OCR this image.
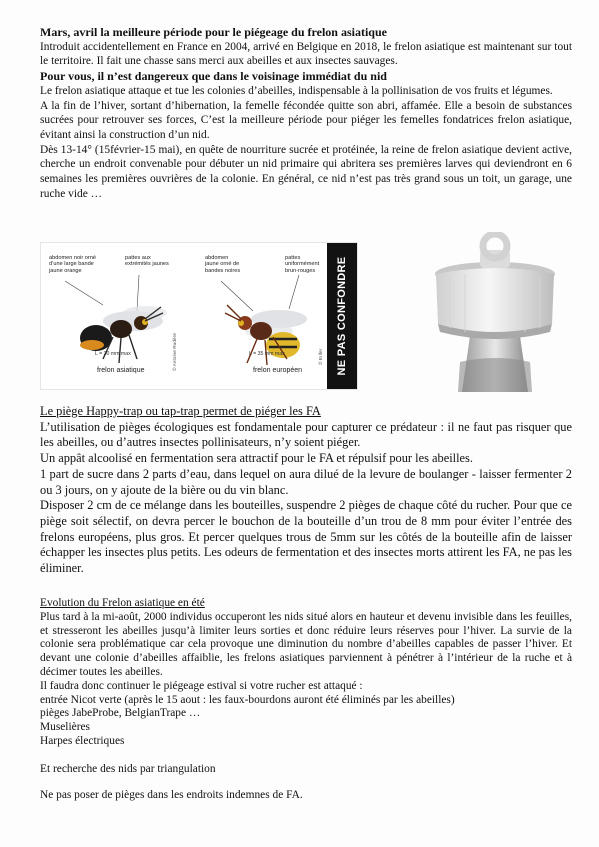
Mars, avril la meilleure période pour le piégeage du frelon asiatique

Introduit accidentellement en France en 2004, arrivé en Belgique en 2018, le frelon asiatique est maintenant sur tout le territoire. Il fait une chasse sans merci aux abeilles et aux insectes sauvages.

Pour vous, il n’est dangereux que dans le voisinage immédiat du nid

Le frelon asiatique attaque et tue les colonies d’abeilles, indispensable à la pollinisation de vos fruits et légumes.

A la fin de l’hiver, sortant d’hibernation, la femelle fécondée quitte son abri, affamée. Elle a besoin de substances sucrées pour retrouver ses forces, C’est la meilleure période pour piéger les femelles fondatrices frelon asiatique, évitant ainsi la construction d’un nid.

Dès 13-14° (15février-15 mai), en quête de nourriture sucrée et protéinée, la reine de frelon asiatique devient active, cherche un endroit convenable pour débuter un nid primaire qui abritera ses premières larves qui deviendront en 6 semaines les premières ouvrières de la colonie. En général, ce nid n’est pas très grand sous un toit, un garage, une ruche vide …

abdomen noir orné d’une large bande jaune orange
pattes aux extrémités jaunes
abdomen jaune orné de bandes noires
pattes uniformément brun-rouges
L = 30 mm max
frelon asiatique	© Antoine Rudère	L = 35 mm max
frelon européen
© Erifer NE PAS CONFONDRE

Le piège Happy-trap ou tap-trap permet de piéger les FA

L’utilisation de pièges écologiques est fondamentale pour capturer ce prédateur : il ne faut pas risquer que les abeilles, ou d’autres insectes pollinisateurs, n’y soient piéger.

Un appât alcoolisé en fermentation sera attractif pour le FA et répulsif pour les abeilles.

1 part de sucre dans 2 parts d’eau, dans lequel on aura dilué de la levure de boulanger - laisser fermenter 2 ou 3 jours, on y ajoute de la bière ou du vin blanc.

Disposer 2 cm de ce mélange dans les bouteilles, suspendre 2 pièges de chaque côté du rucher. Pour que ce piège soit sélectif, on devra percer le bouchon de la bouteille d’un trou de 8 mm pour éviter l’entrée des frelons européens, plus gros. Et percer quelques trous de 5mm sur les côtés de la bouteille afin de laisser échapper les insectes plus petits. Les odeurs de fermentation et des insectes morts attirent les FA, ne pas les éliminer.

Evolution du Frelon asiatique en été

Plus tard à la mi-août, 2000 individus occuperont les nids situé alors en hauteur et devenu invisible dans les feuilles, et stresseront les abeilles jusqu’à limiter leurs sorties et donc réduire leurs réserves pour l’hiver. La survie de la colonie sera problématique car cela provoque une diminution du nombre d’abeilles capables de passer l’hiver. Et devant une colonie d’abeilles affaiblie, les frelons asiatiques parviennent à pénétrer à l’intérieur de la ruche et à décimer toutes les abeilles.

Il faudra donc continuer le piégeage estival si votre rucher est attaqué :

entrée Nicot verte (après le 15 aout : les faux-bourdons auront été éliminés par les abeilles)

pièges JabeProbe, BelgianTrape …

Muselières

Harpes électriques

Et recherche des nids par triangulation

Ne pas poser de pièges dans les endroits indemnes de FA.
